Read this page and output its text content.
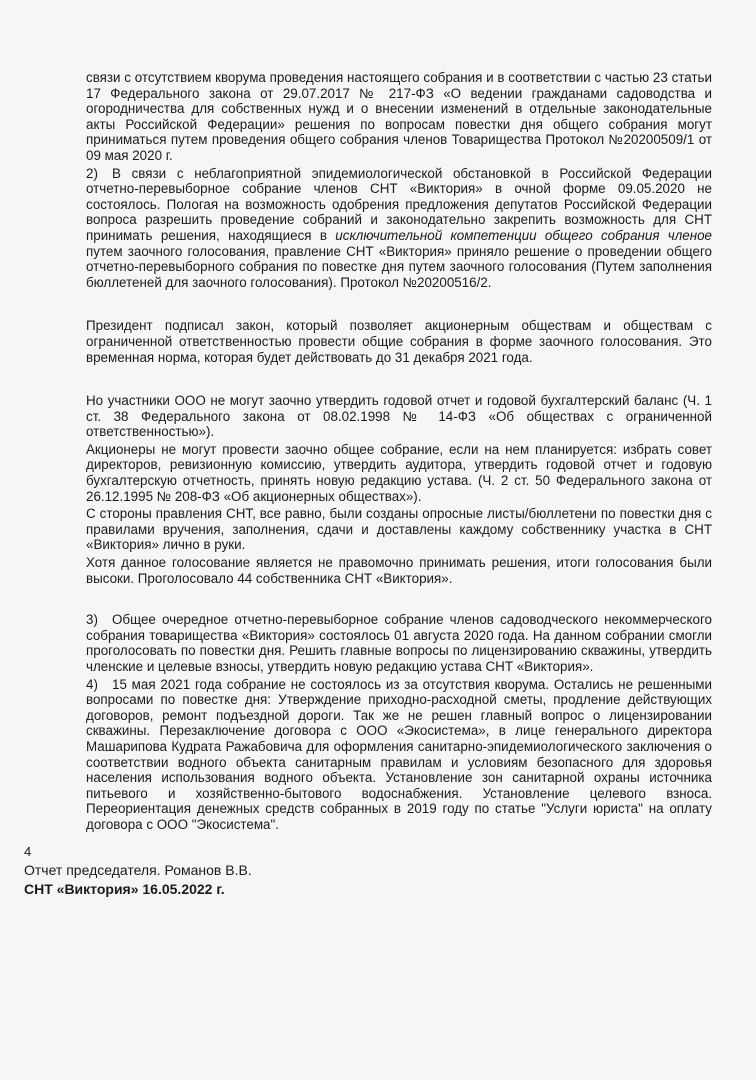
связи с отсутствием кворума проведения настоящего собрания и в соответствии с частью 23 статьи 17 Федерального закона от 29.07.2017 № 217-ФЗ «О ведении гражданами садоводства и огородничества для собственных нужд и о внесении изменений в отдельные законодательные акты Российской Федерации» решения по вопросам повестки дня общего собрания могут приниматься путем проведения общего собрания членов Товарищества Протокол №20200509/1 от 09 мая 2020 г.

2) В связи с неблагоприятной эпидемиологической обстановкой в Российской Федерации отчетно-перевыборное собрание членов СНТ «Виктория» в очной форме 09.05.2020 не состоялось. Пологая на возможность одобрения предложения депутатов Российской Федерации вопроса разрешить проведение собраний и законодательно закрепить возможность для СНТ принимать решения, находящиеся в исключительной компетенции общего собрания членое путем заочного голосования, правление СНТ «Виктория» приняло решение о проведении общего отчетно-перевыборного собрания по повестке дня путем заочного голосования (Путем заполнения бюллетеней для заочного голосования). Протокол №20200516/2.

Президент подписал закон, который позволяет акционерным обществам и обществам с ограниченной ответственностью провести общие собрания в форме заочного голосования. Это временная норма, которая будет действовать до 31 декабря 2021 года.

Но участники ООО не могут заочно утвердить годовой отчет и годовой бухгалтерский баланс (Ч. 1 ст. 38 Федерального закона от 08.02.1998 № 14-ФЗ «Об обществах с ограниченной ответственностью»).

Акционеры не могут провести заочно общее собрание, если на нем планируется: избрать совет директоров, ревизионную комиссию, утвердить аудитора, утвердить годовой отчет и годовую бухгалтерскую отчетность, принять новую редакцию устава. (Ч. 2 ст. 50 Федерального закона от 26.12.1995 № 208-ФЗ «Об акционерных обществах»).

С стороны правления СНТ, все равно, были созданы опросные листы/бюллетени по повестки дня с правилами вручения, заполнения, сдачи и доставлены каждому собственнику участка в СНТ «Виктория» лично в руки.

Хотя данное голосование является не правомочно принимать решения, итоги голосования были высоки. Проголосовало 44 собственника СНТ «Виктория».

3) Общее очередное отчетно-перевыборное собрание членов садоводческого некоммерческого собрания товарищества «Виктория» состоялось 01 августа 2020 года. На данном собрании смогли проголосовать по повестки дня. Решить главные вопросы по лицензированию скважины, утвердить членские и целевые взносы, утвердить новую редакцию устава СНТ «Виктория».

4) 15 мая 2021 года собрание не состоялось из за отсутствия кворума. Остались не решенными вопросами по повестке дня: Утверждение приходно-расходной сметы, продление действующих договоров, ремонт подъездной дороги. Так же не решен главный вопрос о лицензировании скважины. Перезаключение договора с ООО «Экосистема», в лице генерального директора Машарипова Кудрата Ражабовича для оформления санитарно-эпидемиологического заключения о соответствии водного объекта санитарным правилам и условиям безопасного для здоровья населения использования водного объекта. Установление зон санитарной охраны источника питьевого и хозяйственно-бытового водоснабжения. Установление целевого взноса. Переориентация денежных средств собранных в 2019 году по статье "Услуги юриста" на оплату договора с ООО "Экосистема".

4
Отчет председателя. Романов В.В.
СНТ «Виктория» 16.05.2022 г.
